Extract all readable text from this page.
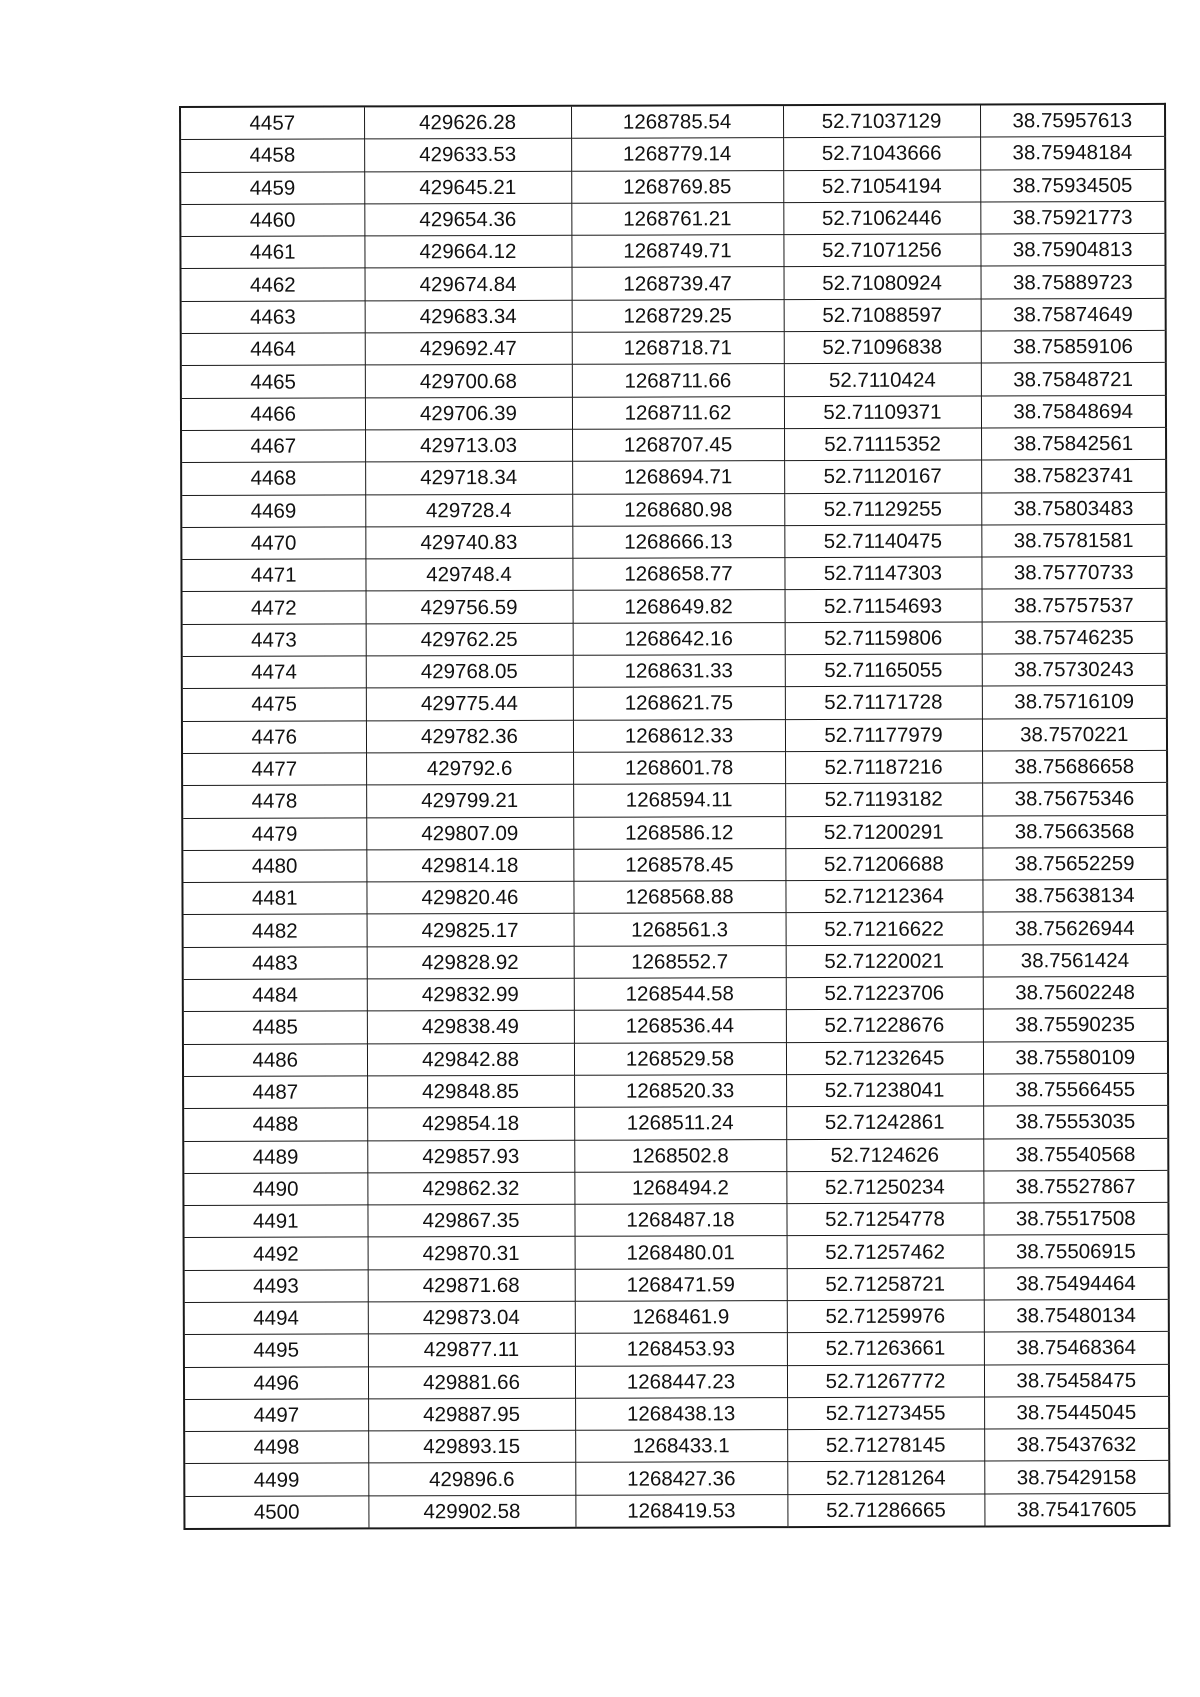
4457	429626.28	1268785.54	52.71037129	38.75957613
4458	429633.53	1268779.14	52.71043666	38.75948184
4459	429645.21	1268769.85	52.71054194	38.75934505
4460	429654.36	1268761.21	52.71062446	38.75921773
4461	429664.12	1268749.71	52.71071256	38.75904813
4462	429674.84	1268739.47	52.71080924	38.75889723
4463	429683.34	1268729.25	52.71088597	38.75874649
4464	429692.47	1268718.71	52.71096838	38.75859106
4465	429700.68	1268711.66	52.7110424	38.75848721
4466	429706.39	1268711.62	52.71109371	38.75848694
4467	429713.03	1268707.45	52.71115352	38.75842561
4468	429718.34	1268694.71	52.71120167	38.75823741
4469	429728.4	1268680.98	52.71129255	38.75803483
4470	429740.83	1268666.13	52.71140475	38.75781581
4471	429748.4	1268658.77	52.71147303	38.75770733
4472	429756.59	1268649.82	52.71154693	38.75757537
4473	429762.25	1268642.16	52.71159806	38.75746235
4474	429768.05	1268631.33	52.71165055	38.75730243
4475	429775.44	1268621.75	52.71171728	38.75716109
4476	429782.36	1268612.33	52.71177979	38.7570221
4477	429792.6	1268601.78	52.71187216	38.75686658
4478	429799.21	1268594.11	52.71193182	38.75675346
4479	429807.09	1268586.12	52.71200291	38.75663568
4480	429814.18	1268578.45	52.71206688	38.75652259
4481	429820.46	1268568.88	52.71212364	38.75638134
4482	429825.17	1268561.3	52.71216622	38.75626944
4483	429828.92	1268552.7	52.71220021	38.7561424
4484	429832.99	1268544.58	52.71223706	38.75602248
4485	429838.49	1268536.44	52.71228676	38.75590235
4486	429842.88	1268529.58	52.71232645	38.75580109
4487	429848.85	1268520.33	52.71238041	38.75566455
4488	429854.18	1268511.24	52.71242861	38.75553035
4489	429857.93	1268502.8	52.7124626	38.75540568
4490	429862.32	1268494.2	52.71250234	38.75527867
4491	429867.35	1268487.18	52.71254778	38.75517508
4492	429870.31	1268480.01	52.71257462	38.75506915
4493	429871.68	1268471.59	52.71258721	38.75494464
4494	429873.04	1268461.9	52.71259976	38.75480134
4495	429877.11	1268453.93	52.71263661	38.75468364
4496	429881.66	1268447.23	52.71267772	38.75458475
4497	429887.95	1268438.13	52.71273455	38.75445045
4498	429893.15	1268433.1	52.71278145	38.75437632
4499	429896.6	1268427.36	52.71281264	38.75429158
4500	429902.58	1268419.53	52.71286665	38.75417605
